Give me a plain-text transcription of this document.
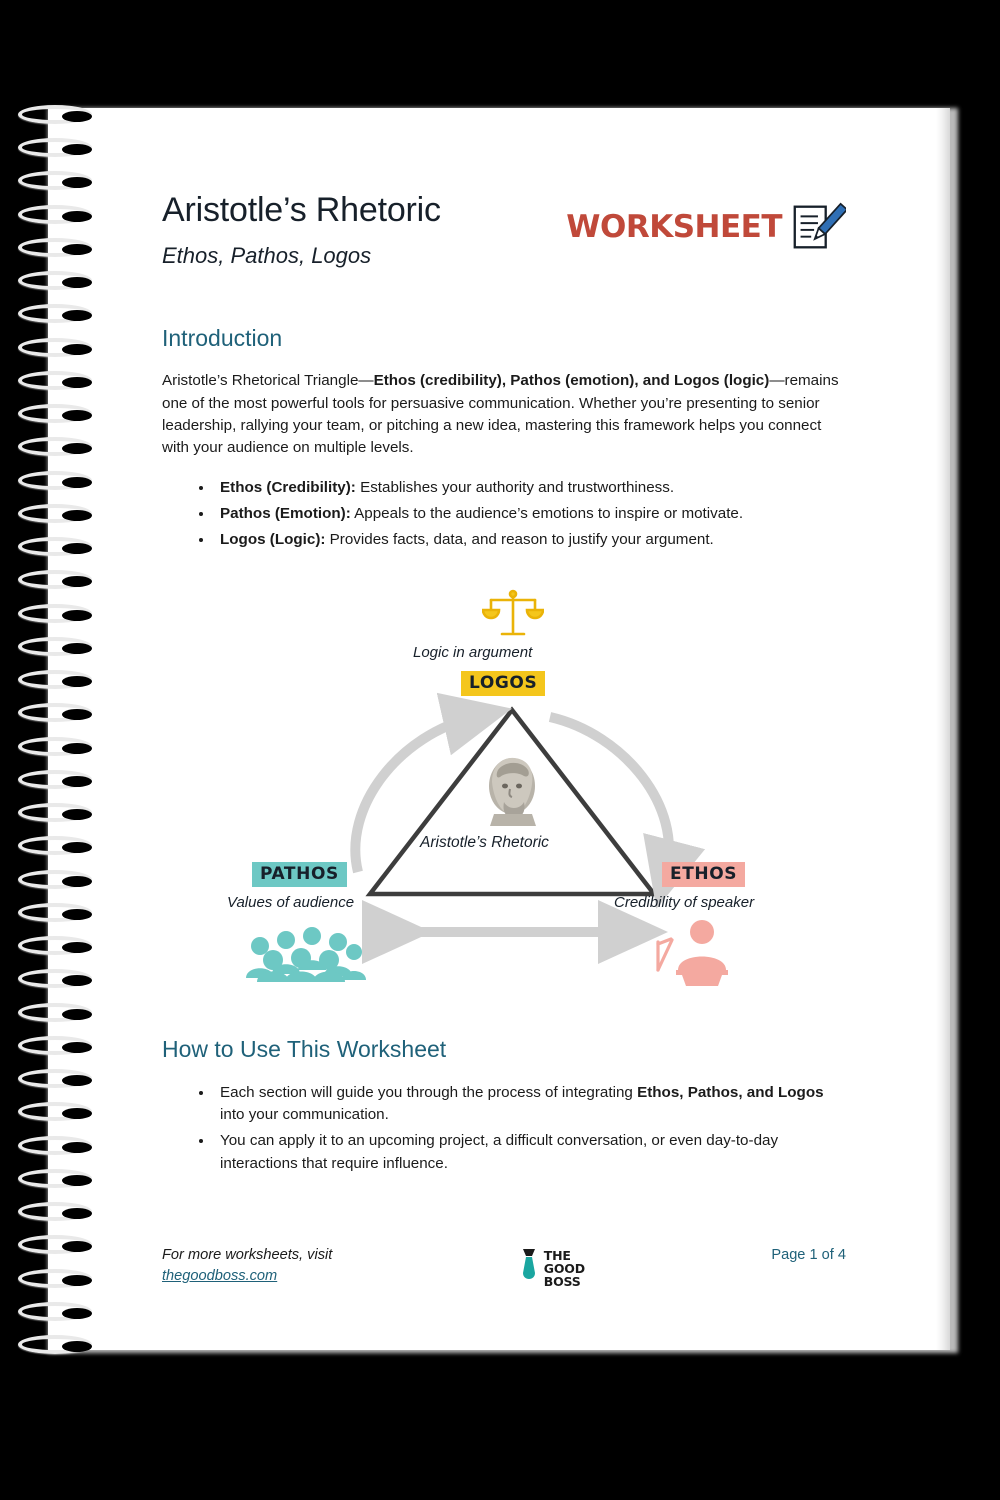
Aristotle’s Rhetoric
Ethos, Pathos, Logos
WORKSHEET
Introduction

Aristotle’s Rhetorical Triangle—Ethos (credibility), Pathos (emotion), and Logos (logic)—remains one of the most powerful tools for persuasive communication. Whether you’re presenting to senior leadership, rallying your team, or pitching a new idea, mastering this framework helps you connect with your audience on multiple levels.

• Ethos (Credibility): Establishes your authority and trustworthiness.
• Pathos (Emotion): Appeals to the audience’s emotions to inspire or motivate.
• Logos (Logic): Provides facts, data, and reason to justify your argument.
Logic in argument
LOGOS
Aristotle’s Rhetoric
PATHOS
Values of audience
ETHOS
Credibility of speaker
How to Use This Worksheet
• Each section will guide you through the process of integrating Ethos, Pathos, and Logos into your communication.
• You can apply it to an upcoming project, a difficult conversation, or even day-to-day interactions that require influence.
For more worksheets, visit
thegoodboss.com
THE
GOOD
BOSS
Page 1 of 4
